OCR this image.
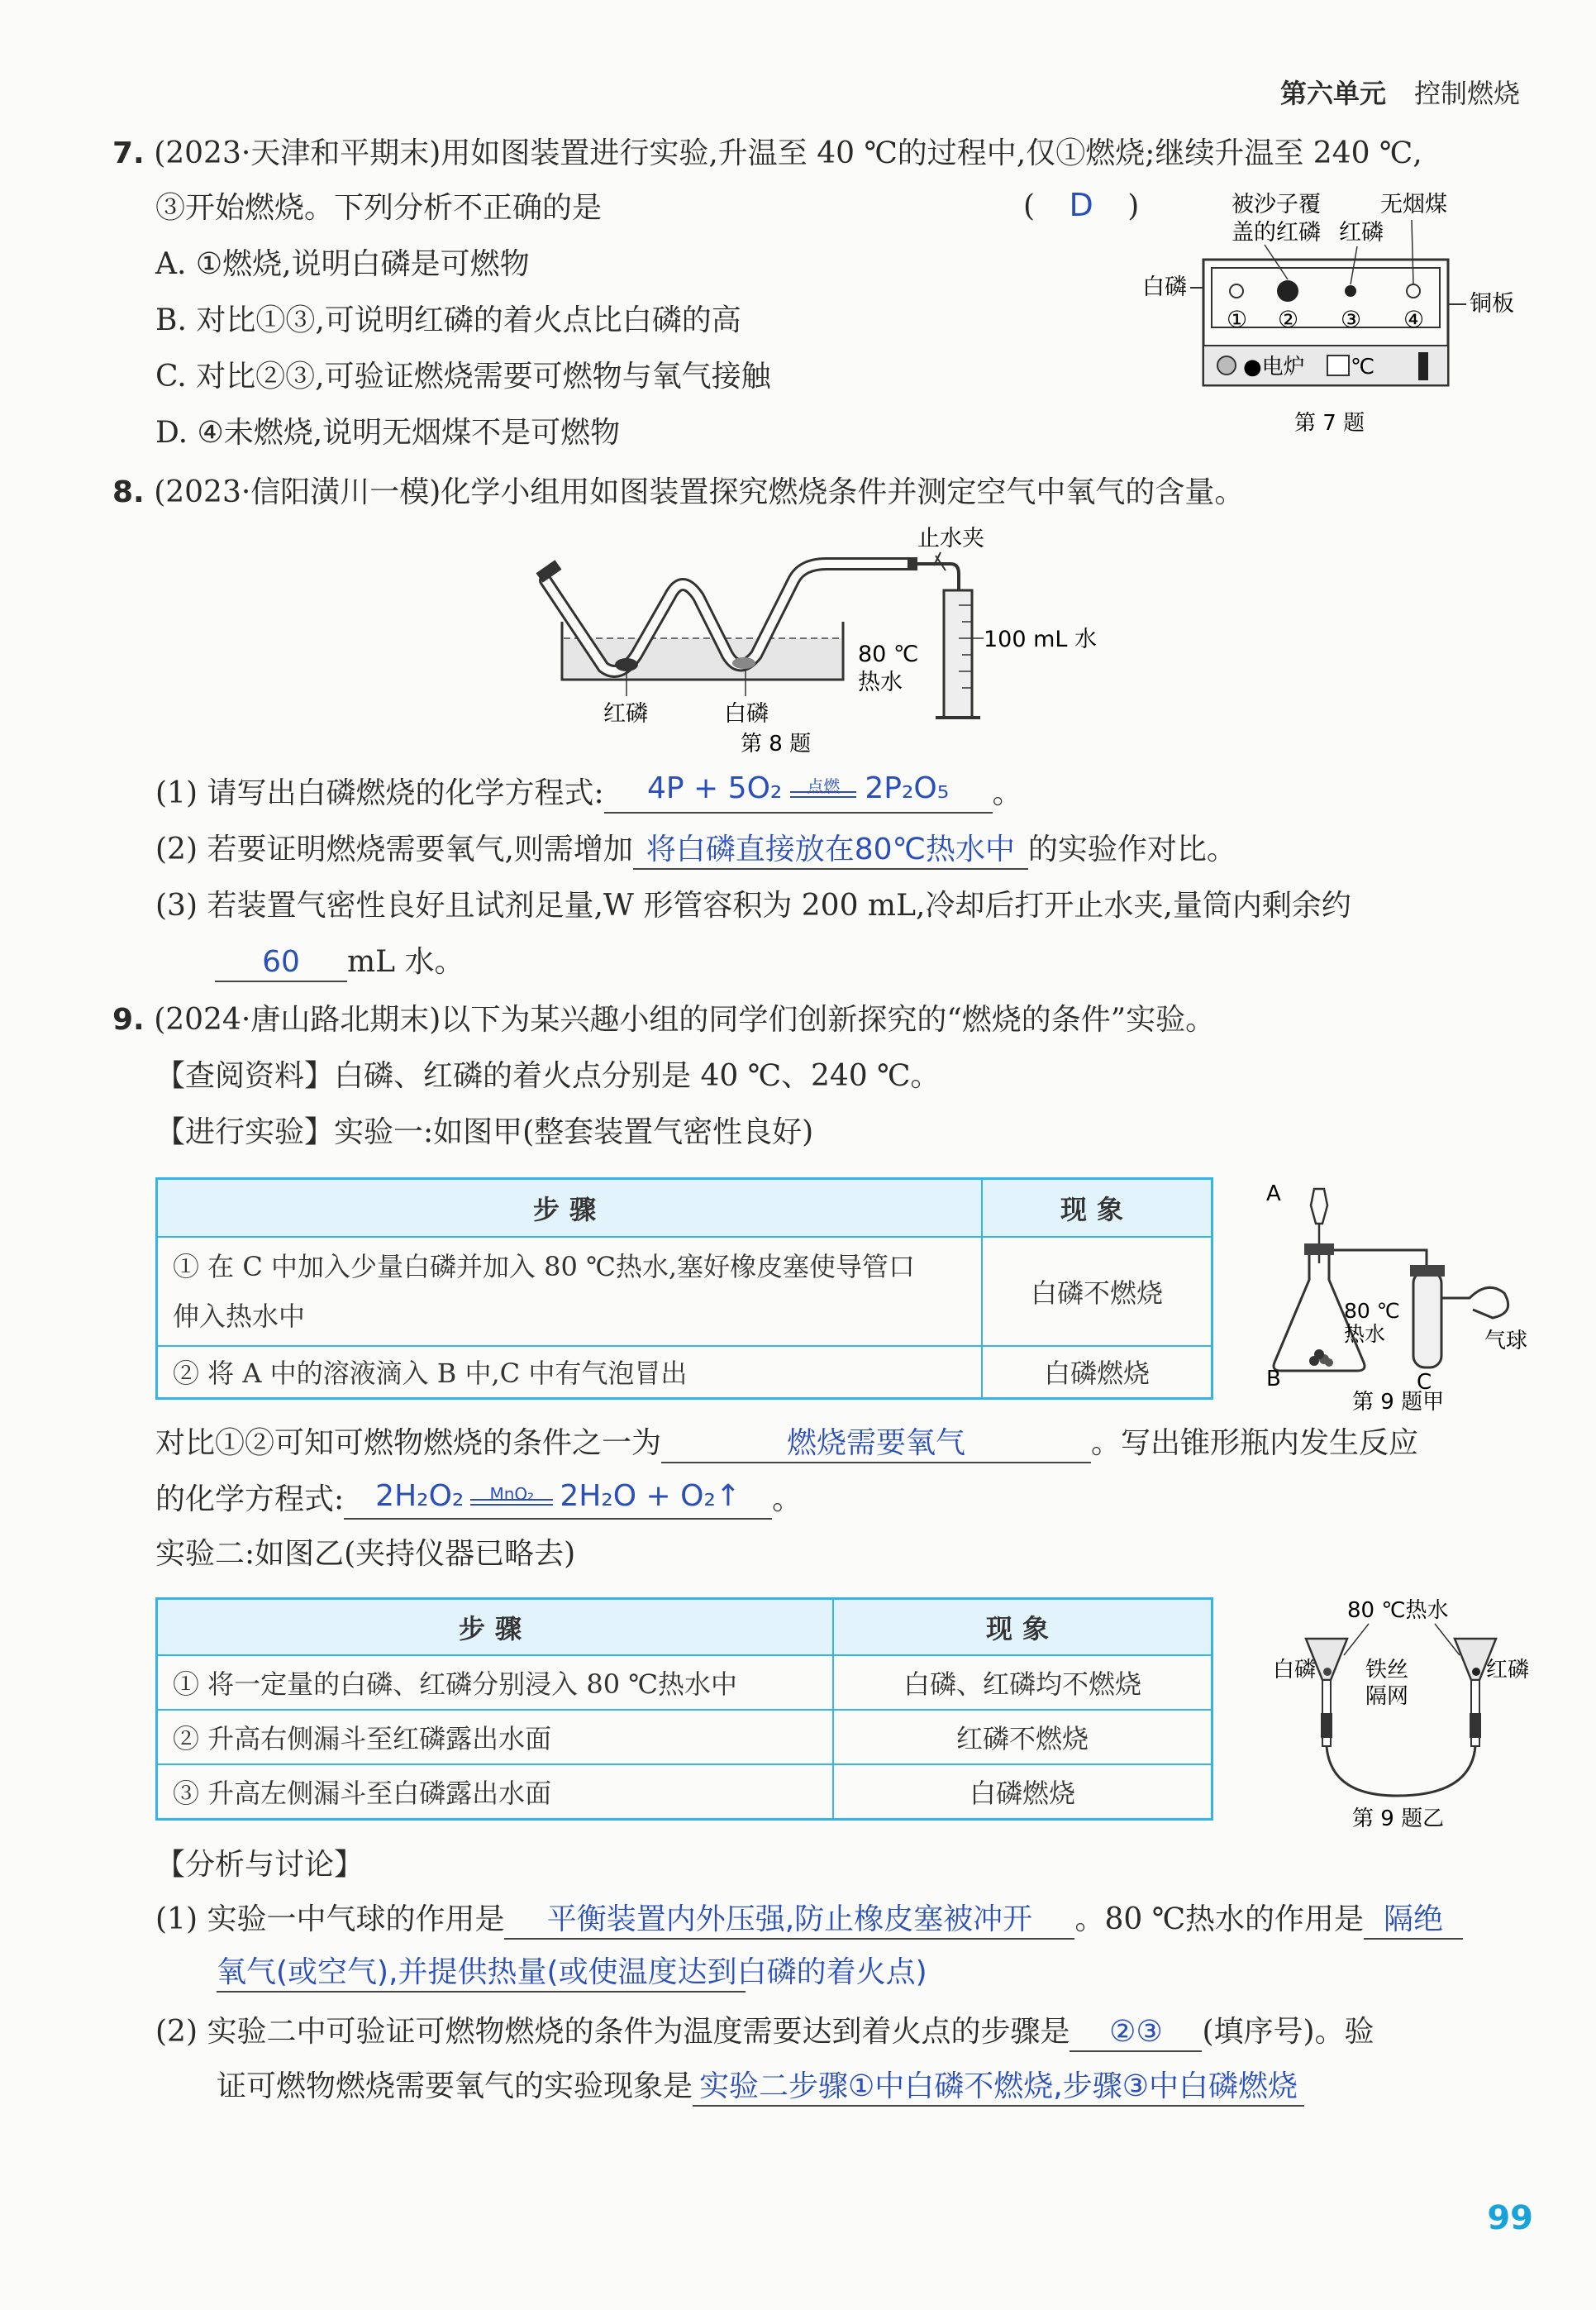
第六单元 控制燃烧
7. (2023·天津和平期末)用如图装置进行实验,升温至 40 ℃的过程中,仅①燃烧;继续升温至 240 ℃,
③开始燃烧。下列分析不正确的是	( D )
A. ①燃烧,说明白磷是可燃物
B. 对比①③,可说明红磷的着火点比白磷的高
C. 对比②③,可验证燃烧需要可燃物与氧气接触
D. ④未燃烧,说明无烟煤不是可燃物
被沙子覆
盖的红磷 红磷
无烟煤
白磷
铜板
① ② ③ ④
●电炉 ℃
第 7 题
8. (2023·信阳潢川一模)化学小组用如图装置探究燃烧条件并测定空气中氧气的含量。
止水夹
100 mL 水
80 ℃
热水
红磷	白磷
第 8 题
(1) 请写出白磷燃烧的化学方程式: 4P + 5O₂	点燃 2P₂O₅ 。
(2) 若要证明燃烧需要氧气,则需增加 将白磷直接放在80℃热水中 的实验作对比。
(3) 若装置气密性良好且试剂足量,W 形管容积为 200 mL,冷却后打开止水夹,量筒内剩余约
60 mL 水。
9. (2024·唐山路北期末)以下为某兴趣小组的同学们创新探究的“燃烧的条件”实验。
【查阅资料】白磷、红磷的着火点分别是 40 ℃、240 ℃。
【进行实验】实验一:如图甲(整套装置气密性良好)
步骤	现象
① 在 C 中加入少量白磷并加入 80 ℃热水,塞好橡皮塞使导管口
伸入热水中	白磷不燃烧
② 将 A 中的溶液滴入 B 中,C 中有气泡冒出	白磷燃烧
A
B
80 ℃
热水
C
气球
第 9 题甲
对比①②可知可燃物燃烧的条件之一为	燃烧需要氧气	。写出锥形瓶内发生反应
的化学方程式: 2H₂O₂	MnO₂ 2H₂O + O₂↑ 。
实验二:如图乙(夹持仪器已略去)
步骤	现象
① 将一定量的白磷、红磷分别浸入 80 ℃热水中	白磷、红磷均不燃烧
② 升高右侧漏斗至红磷露出水面	红磷不燃烧
③ 升高左侧漏斗至白磷露出水面	白磷燃烧
80 ℃热水
白磷	红磷
铁丝
隔网
第 9 题乙
【分析与讨论】
(1) 实验一中气球的作用是 平衡装置内外压强,防止橡皮塞被冲开 。80 ℃热水的作用是 隔绝
氧气(或空气),并提供热量(或使温度达到白磷的着火点)
(2) 实验二中可验证可燃物燃烧的条件为温度需要达到着火点的步骤是 ②③ (填序号)。验
证可燃物燃烧需要氧气的实验现象是 实验二步骤①中白磷不燃烧,步骤③中白磷燃烧
99
